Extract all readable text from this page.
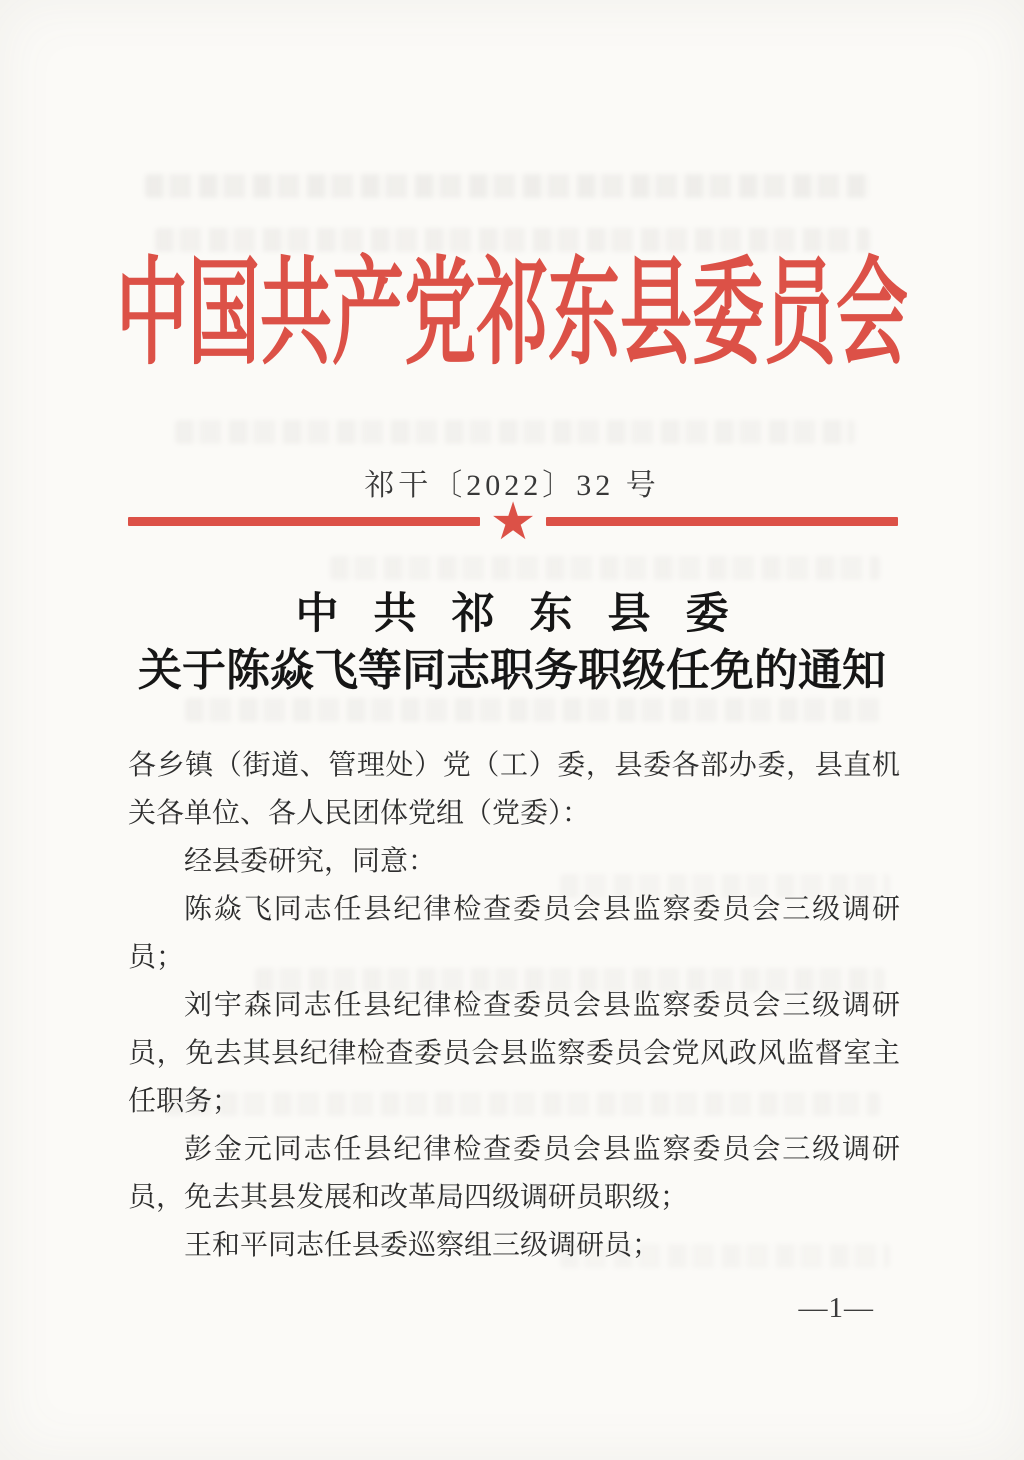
中国共产党祁东县委员会
祁干〔2022〕32 号
★
中共祁东县委
关于陈焱飞等同志职务职级任免的通知

各乡镇（街道、管理处）党（工）委，县委各部办委，县直机关各单位、各人民团体党组（党委）：

经县委研究，同意：

陈焱飞同志任县纪律检查委员会县监察委员会三级调研员；

刘宇森同志任县纪律检查委员会县监察委员会三级调研员，免去其县纪律检查委员会县监察委员会党风政风监督室主任职务；

彭金元同志任县纪律检查委员会县监察委员会三级调研员，免去其县发展和改革局四级调研员职级；

王和平同志任县委巡察组三级调研员；

—1—
